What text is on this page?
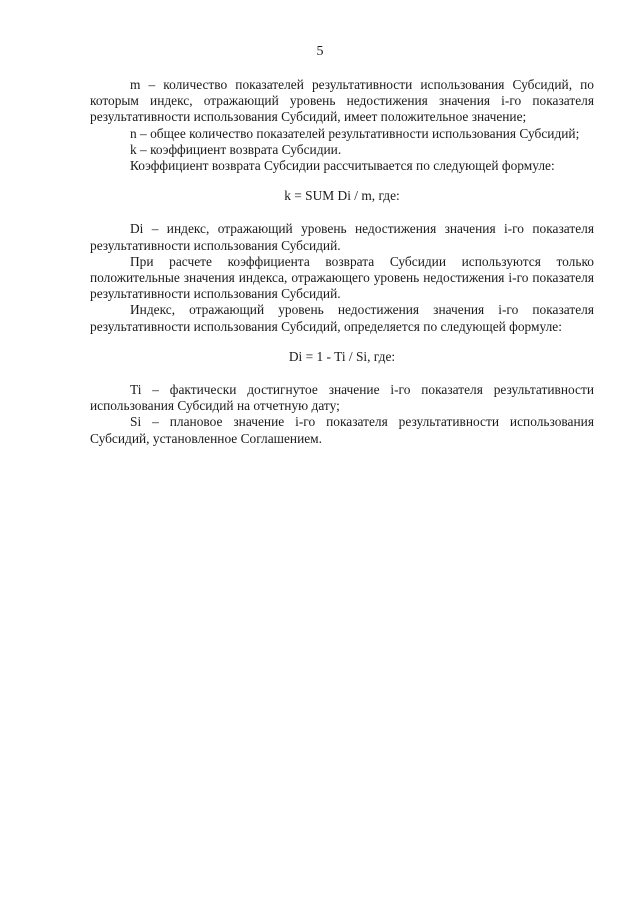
5

m – количество показателей результативности использования Субсидий, по которым индекс, отражающий уровень недостижения значения i-го показателя результативности использования Субсидий, имеет положительное значение;

n – общее количество показателей результативности использования Субсидий;

k – коэффициент возврата Субсидии.

Коэффициент возврата Субсидии рассчитывается по следующей формуле:

k = SUM Di / m, где:

Di – индекс, отражающий уровень недостижения значения i-го показателя результативности использования Субсидий.

При расчете коэффициента возврата Субсидии используются только положительные значения индекса, отражающего уровень недостижения i-го показателя результативности использования Субсидий.

Индекс, отражающий уровень недостижения значения i-го показателя результативности использования Субсидий, определяется по следующей формуле:

Di = 1 - Ti / Si, где:

Ti – фактически достигнутое значение i-го показателя результативности использования Субсидий на отчетную дату;

Si – плановое значение i-го показателя результативности использования Субсидий, установленное Соглашением.
